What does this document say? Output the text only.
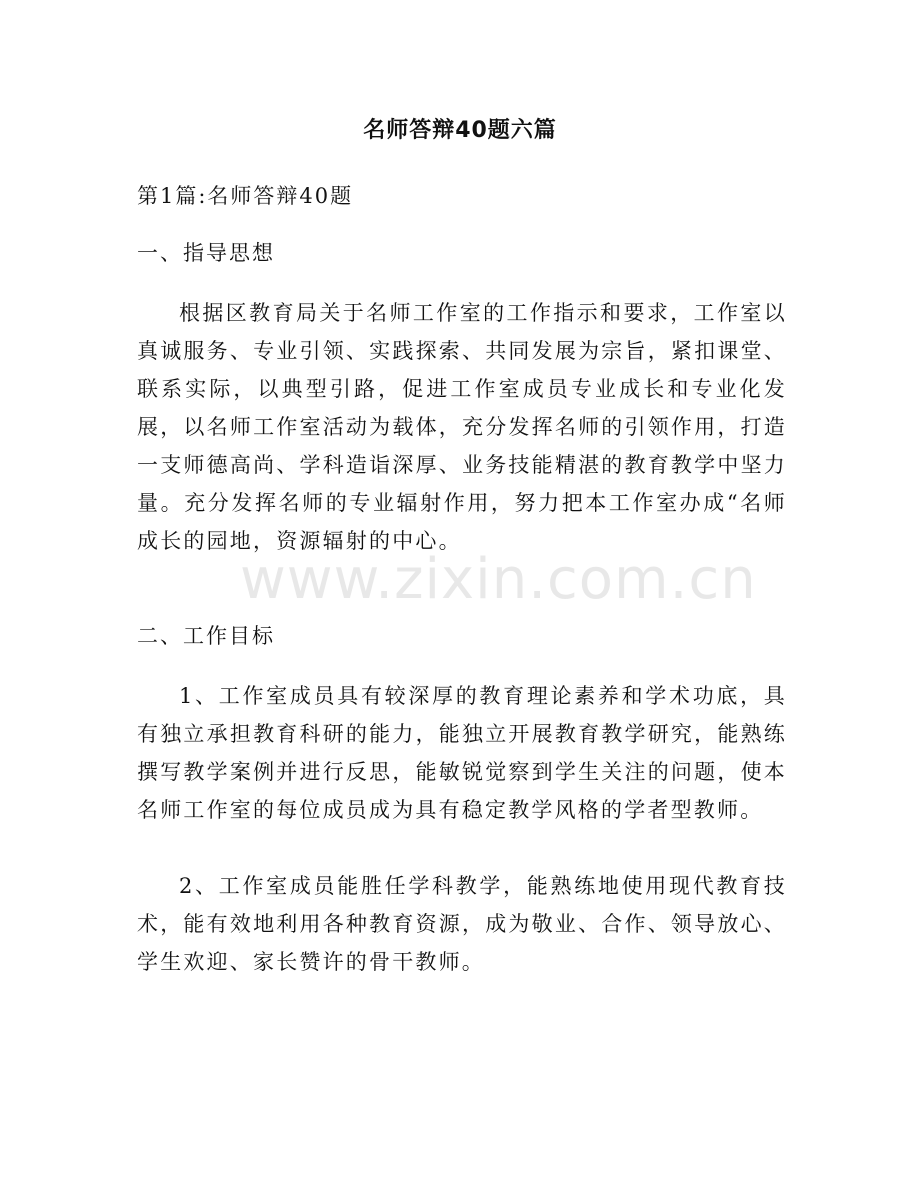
名师答辩40题六篇
第1篇:名师答辩40题
一、指导思想
根据区教育局关于名师工作室的工作指示和要求，工作室以真诚服务、专业引领、实践探索、共同发展为宗旨，紧扣课堂、联系实际，以典型引路，促进工作室成员专业成长和专业化发展，以名师工作室活动为载体，充分发挥名师的引领作用，打造一支师德高尚、学科造诣深厚、业务技能精湛的教育教学中坚力量。充分发挥名师的专业辐射作用，努力把本工作室办成“名师成长的园地，资源辐射的中心。
二、工作目标
1、工作室成员具有较深厚的教育理论素养和学术功底，具有独立承担教育科研的能力，能独立开展教育教学研究，能熟练撰写教学案例并进行反思，能敏锐觉察到学生关注的问题，使本名师工作室的每位成员成为具有稳定教学风格的学者型教师。
2、工作室成员能胜任学科教学，能熟练地使用现代教育技术，能有效地利用各种教育资源，成为敬业、合作、领导放心、学生欢迎、家长赞许的骨干教师。
www.zixin.com.cn
